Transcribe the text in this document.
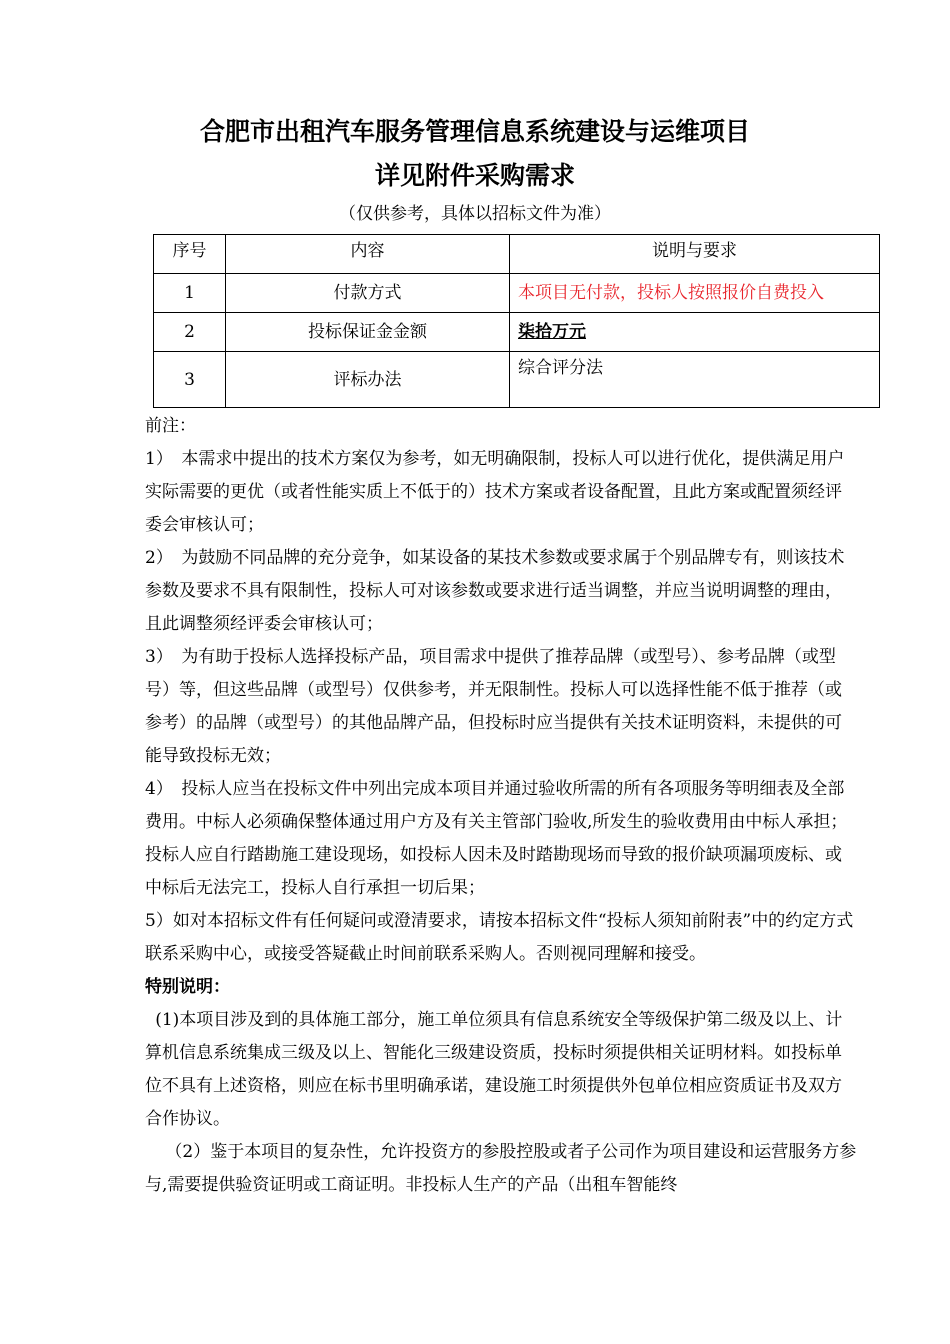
合肥市出租汽车服务管理信息系统建设与运维项目
详见附件采购需求
（仅供参考，具体以招标文件为准）
序号	内容	说明与要求
1	付款方式	本项目无付款，投标人按照报价自费投入
2	投标保证金金额	柒拾万元
3	评标办法	综合评分法

前注：

1）　本需求中提出的技术方案仅为参考，如无明确限制，投标人可以进行优化，提供满足用户实际需要的更优（或者性能实质上不低于的）技术方案或者设备配置，且此方案或配置须经评委会审核认可；

2）　为鼓励不同品牌的充分竞争，如某设备的某技术参数或要求属于个别品牌专有，则该技术参数及要求不具有限制性，投标人可对该参数或要求进行适当调整，并应当说明调整的理由，且此调整须经评委会审核认可；

3）　为有助于投标人选择投标产品，项目需求中提供了推荐品牌（或型号）、参考品牌（或型号）等，但这些品牌（或型号）仅供参考，并无限制性。投标人可以选择性能不低于推荐（或参考）的品牌（或型号）的其他品牌产品，但投标时应当提供有关技术证明资料，未提供的可能导致投标无效；

4）　投标人应当在投标文件中列出完成本项目并通过验收所需的所有各项服务等明细表及全部费用。中标人必须确保整体通过用户方及有关主管部门验收,所发生的验收费用由中标人承担；投标人应自行踏勘施工建设现场，如投标人因未及时踏勘现场而导致的报价缺项漏项废标、或中标后无法完工，投标人自行承担一切后果；

5）如对本招标文件有任何疑问或澄清要求，请按本招标文件“投标人须知前附表”中的约定方式联系采购中心，或接受答疑截止时间前联系采购人。否则视同理解和接受。

特别说明：

(1)本项目涉及到的具体施工部分，施工单位须具有信息系统安全等级保护第二级及以上、计算机信息系统集成三级及以上、智能化三级建设资质，投标时须提供相关证明材料。如投标单位不具有上述资格，则应在标书里明确承诺，建设施工时须提供外包单位相应资质证书及双方合作协议。

（2）鉴于本项目的复杂性，允许投资方的参股控股或者子公司作为项目建设和运营服务方参与,需要提供验资证明或工商证明。非投标人生产的产品（出租车智能终
